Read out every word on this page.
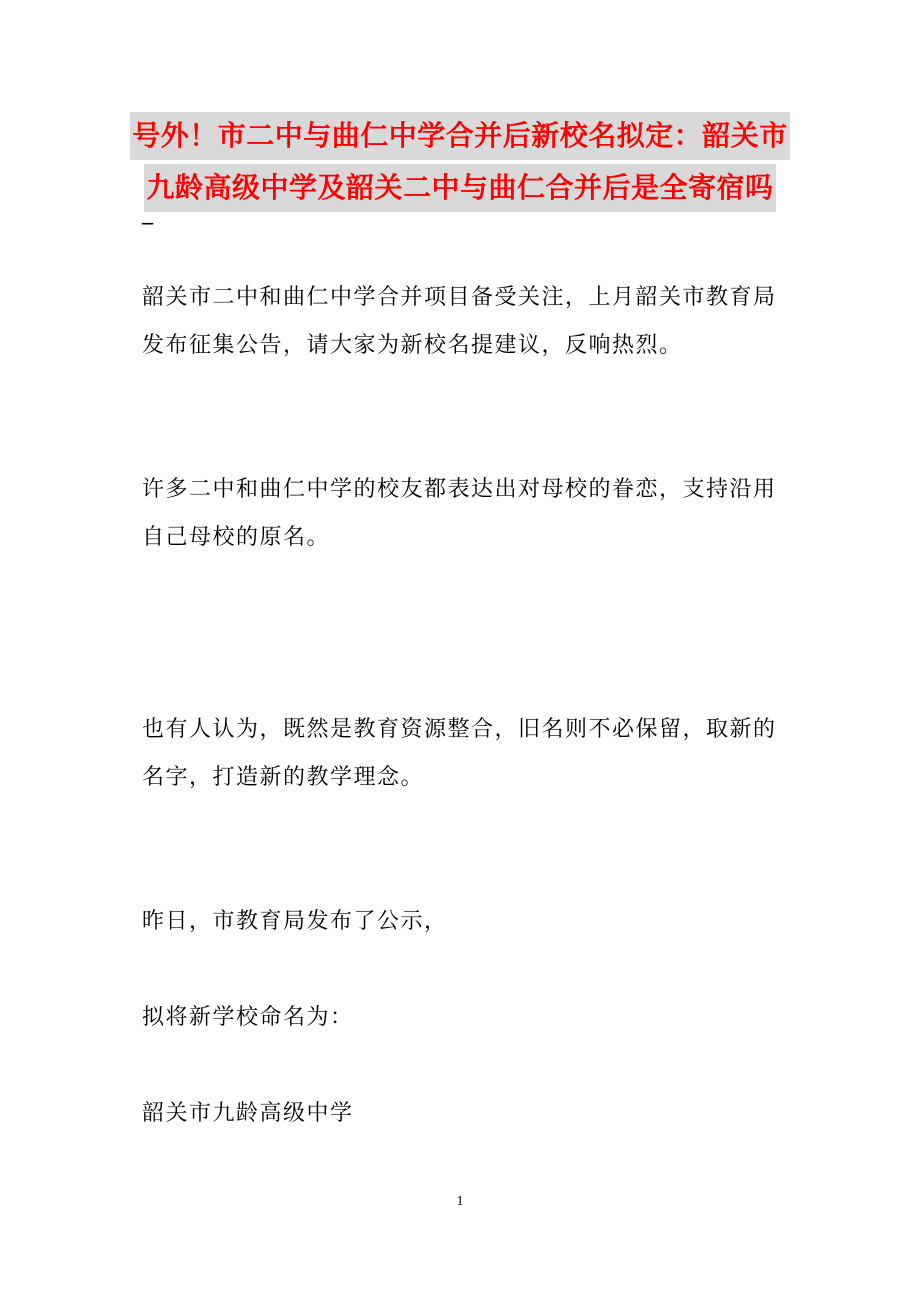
号外！市二中与曲仁中学合并后新校名拟定：韶关市
九龄高级中学及韶关二中与曲仁合并后是全寄宿吗
_

韶关市二中和曲仁中学合并项目备受关注，上月韶关市教育局发布征集公告，请大家为新校名提建议，反响热烈。

许多二中和曲仁中学的校友都表达出对母校的眷恋，支持沿用自己母校的原名。

也有人认为，既然是教育资源整合，旧名则不必保留，取新的名字，打造新的教学理念。

昨日，市教育局发布了公示，

拟将新学校命名为：

韶关市九龄高级中学

1
